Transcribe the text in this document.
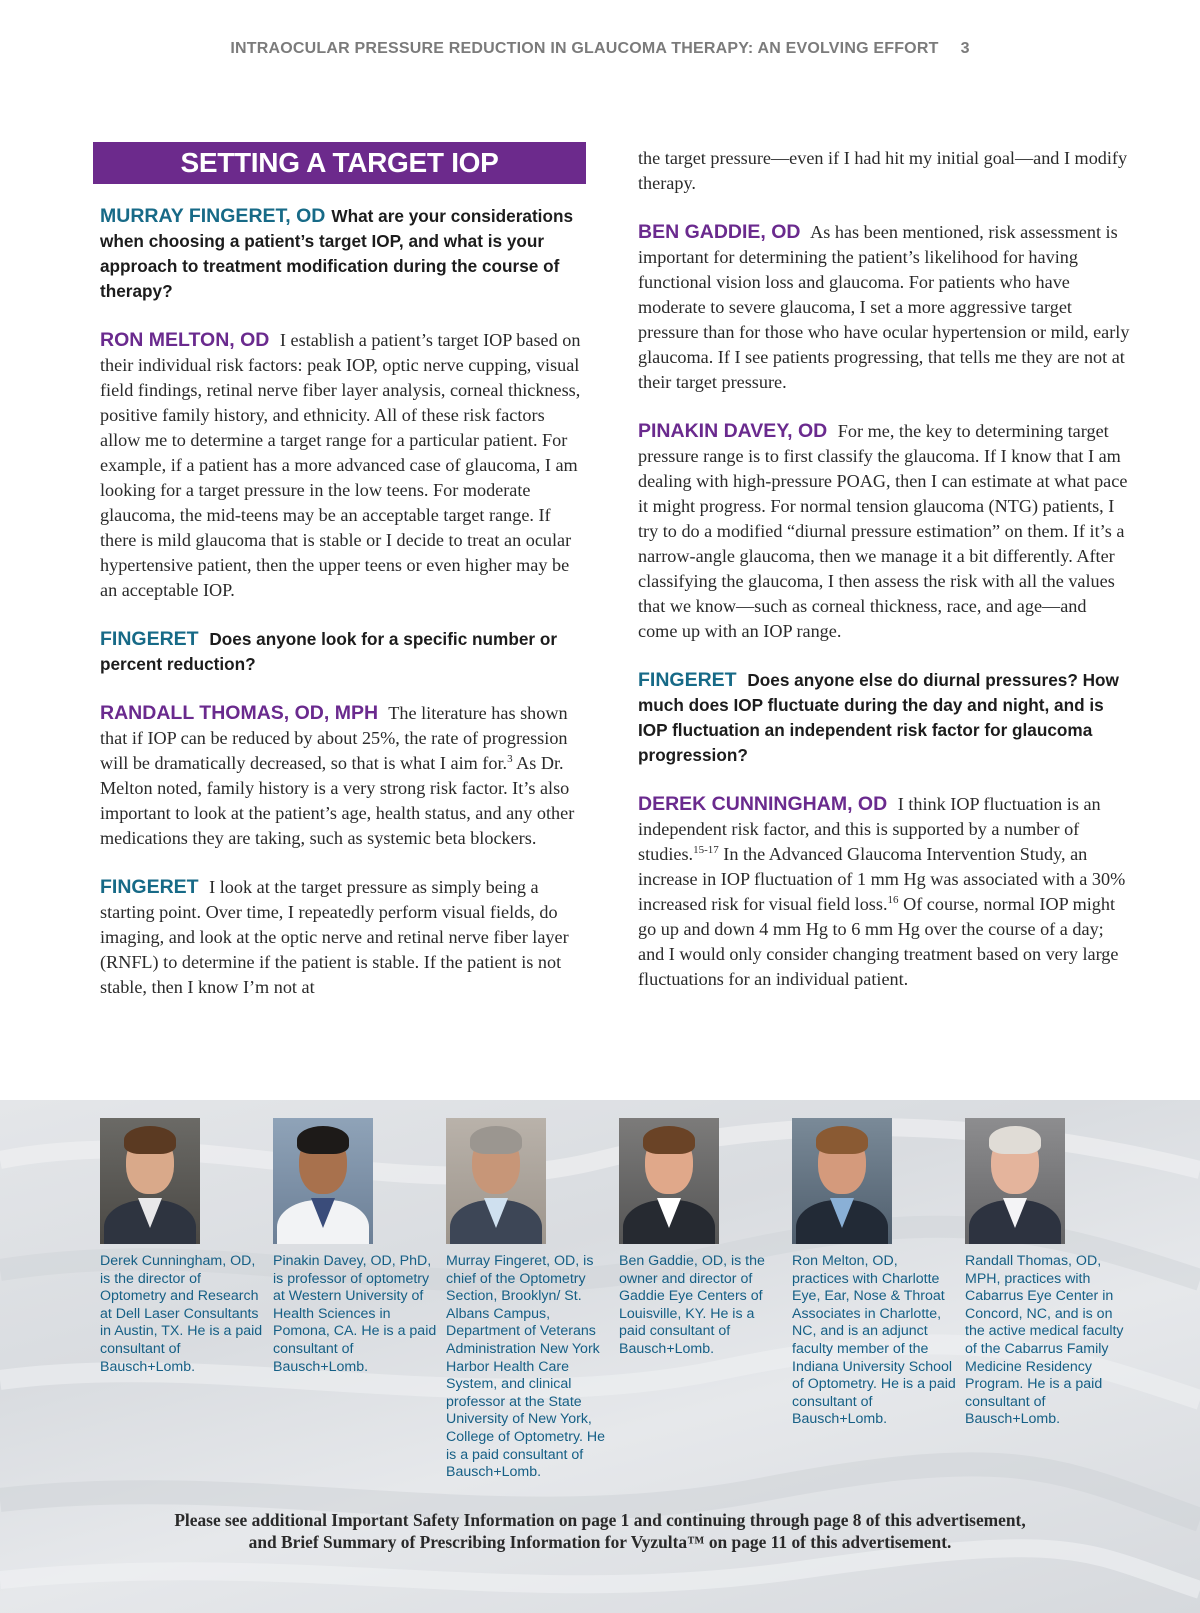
INTRAOCULAR PRESSURE REDUCTION IN GLAUCOMA THERAPY: AN EVOLVING EFFORT 3
SETTING A TARGET IOP

MURRAY FINGERET, OD What are your considerations when choosing a patient’s target IOP, and what is your approach to treatment modification during the course of therapy?

RON MELTON, OD I establish a patient’s target IOP based on their individual risk factors: peak IOP, optic nerve cupping, visual field findings, retinal nerve fiber layer analysis, corneal thickness, positive family history, and ethnicity. All of these risk factors allow me to determine a target range for a particular patient. For example, if a patient has a more advanced case of glaucoma, I am looking for a target pressure in the low teens. For moderate glaucoma, the mid-teens may be an acceptable target range. If there is mild glaucoma that is stable or I decide to treat an ocular hypertensive patient, then the upper teens or even higher may be an acceptable IOP.

FINGERET Does anyone look for a specific number or percent reduction?

RANDALL THOMAS, OD, MPH The literature has shown that if IOP can be reduced by about 25%, the rate of progression will be dramatically decreased, so that is what I aim for.$^3$ As Dr. Melton noted, family history is a very strong risk factor. It’s also important to look at the patient’s age, health status, and any other medications they are taking, such as systemic beta blockers.

FINGERET I look at the target pressure as simply being a starting point. Over time, I repeatedly perform visual fields, do imaging, and look at the optic nerve and retinal nerve fiber layer (RNFL) to determine if the patient is stable. If the patient is not stable, then I know I’m not at

the target pressure—even if I had hit my initial goal—and I modify therapy.

BEN GADDIE, OD As has been mentioned, risk assessment is important for determining the patient’s likelihood for having functional vision loss and glaucoma. For patients who have moderate to severe glaucoma, I set a more aggressive target pressure than for those who have ocular hypertension or mild, early glaucoma. If I see patients progressing, that tells me they are not at their target pressure.

PINAKIN DAVEY, OD For me, the key to determining target pressure range is to first classify the glaucoma. If I know that I am dealing with high-pressure POAG, then I can estimate at what pace it might progress. For normal tension glaucoma (NTG) patients, I try to do a modified “diurnal pressure estimation” on them. If it’s a narrow-angle glaucoma, then we manage it a bit differently. After classifying the glaucoma, I then assess the risk with all the values that we know—such as corneal thickness, race, and age—and come up with an IOP range.

FINGERET Does anyone else do diurnal pressures? How much does IOP fluctuate during the day and night, and is IOP fluctuation an independent risk factor for glaucoma progression?

DEREK CUNNINGHAM, OD I think IOP fluctuation is an independent risk factor, and this is supported by a number of studies.$^{15-17}$ In the Advanced Glaucoma Intervention Study, an increase in IOP fluctuation of 1 mm Hg was associated with a 30% increased risk for visual field loss.$^{16}$ Of course, normal IOP might go up and down 4 mm Hg to 6 mm Hg over the course of a day; and I would only consider changing treatment based on very large fluctuations for an individual patient.

Derek Cunningham, OD, is the director of Optometry and Research at Dell Laser Consultants in Austin, TX. He is a paid consultant of Bausch+Lomb.
Pinakin Davey, OD, PhD, is professor of optometry at Western University of Health Sciences in Pomona, CA. He is a paid consultant of Bausch+Lomb.
Murray Fingeret, OD, is chief of the Optometry Section, Brooklyn/ St. Albans Campus, Department of Veterans Administration New York Harbor Health Care System, and clinical professor at the State University of New York, College of Optometry. He is a paid consultant of Bausch+Lomb.
Ben Gaddie, OD, is the owner and director of Gaddie Eye Centers of Louisville, KY. He is a paid consultant of Bausch+Lomb.
Ron Melton, OD, practices with Charlotte Eye, Ear, Nose & Throat Associates in Charlotte, NC, and is an adjunct faculty member of the Indiana University School of Optometry. He is a paid consultant of Bausch+Lomb.
Randall Thomas, OD, MPH, practices with Cabarrus Eye Center in Concord, NC, and is on the active medical faculty of the Cabarrus Family Medicine Residency Program. He is a paid consultant of Bausch+Lomb.
Please see additional Important Safety Information on page 1 and continuing through page 8 of this advertisement,
and Brief Summary of Prescribing Information for Vyzulta™ on page 11 of this advertisement.
